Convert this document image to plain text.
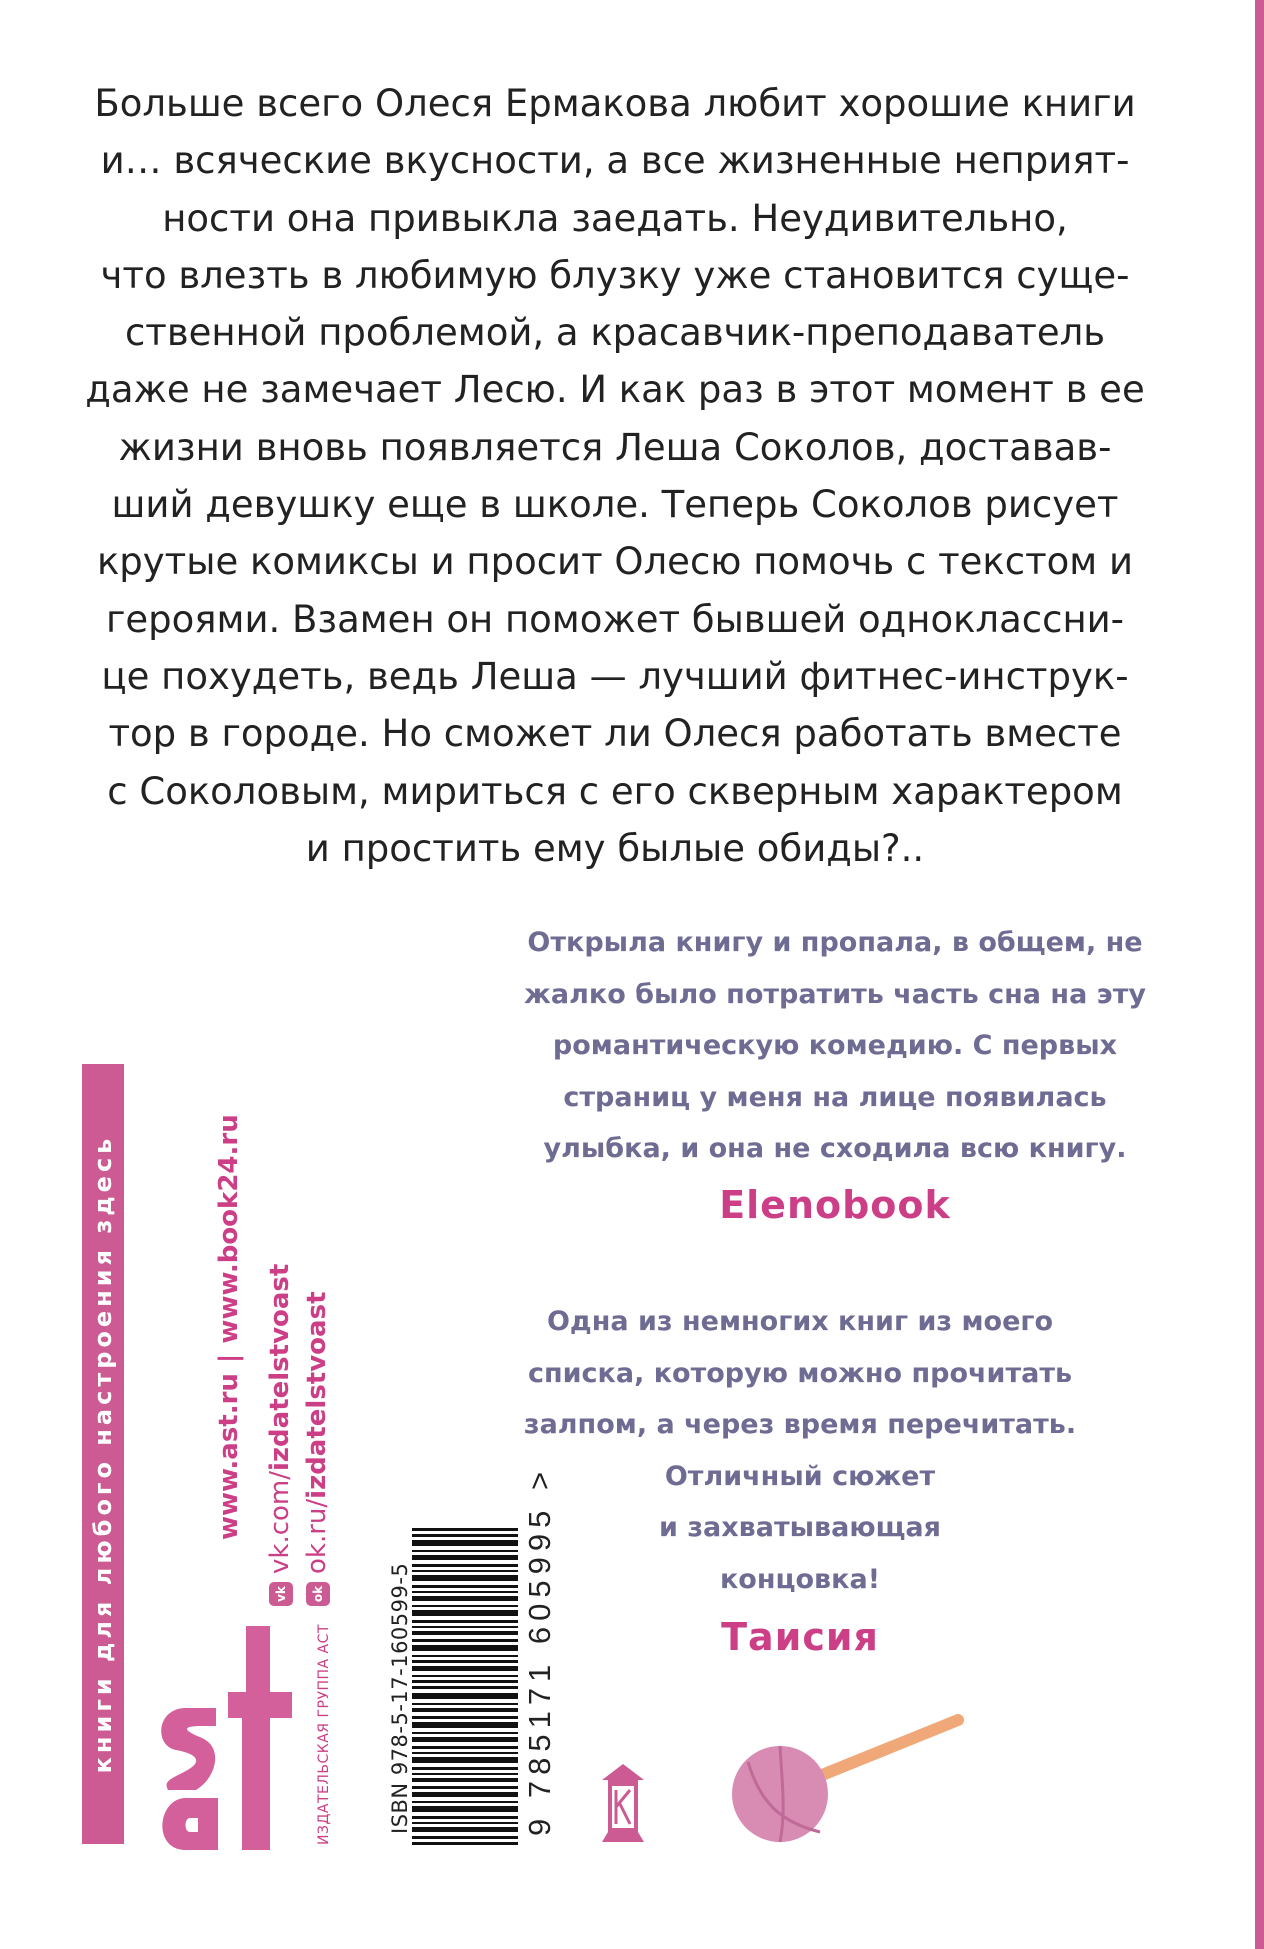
Больше всего Олеся Ермакова любит хорошие книги
и… всяческие вкусности, а все жизненные неприят-
ности она привыкла заедать. Неудивительно,
что влезть в любимую блузку уже становится суще-
ственной проблемой, а красавчик-преподаватель
даже не замечает Лесю. И как раз в этот момент в ее
жизни вновь появляется Леша Соколов, доставав-
ший девушку еще в школе. Теперь Соколов рисует
крутые комиксы и просит Олесю помочь с текстом и
героями. Взамен он поможет бывшей одноклассни-
це похудеть, ведь Леша — лучший фитнес-инструк-
тор в городе. Но сможет ли Олеся работать вместе
с Соколовым, мириться с его скверным характером
и простить ему былые обиды?..
Открыла книгу и пропала, в общем, не
жалко было потратить часть сна на эту
романтическую комедию. С первых
страниц у меня на лице появилась
улыбка, и она не сходила всю книгу.
Elenobook
Одна из немногих книг из моего
списка, которую можно прочитать
залпом, а через время перечитать.
Отличный сюжет
и захватывающая
концовка!
Таисия
книги для любого настроения здесь	www.ast.ru|www.book24.ru
vkvk.com/izdatelstvoast
okok.ru/izdatelstvoast
ИЗДАТЕЛЬСКАЯ ГРУППА АСТ	ISBN 978-5-17-160599-5	9 785171 605995 >
